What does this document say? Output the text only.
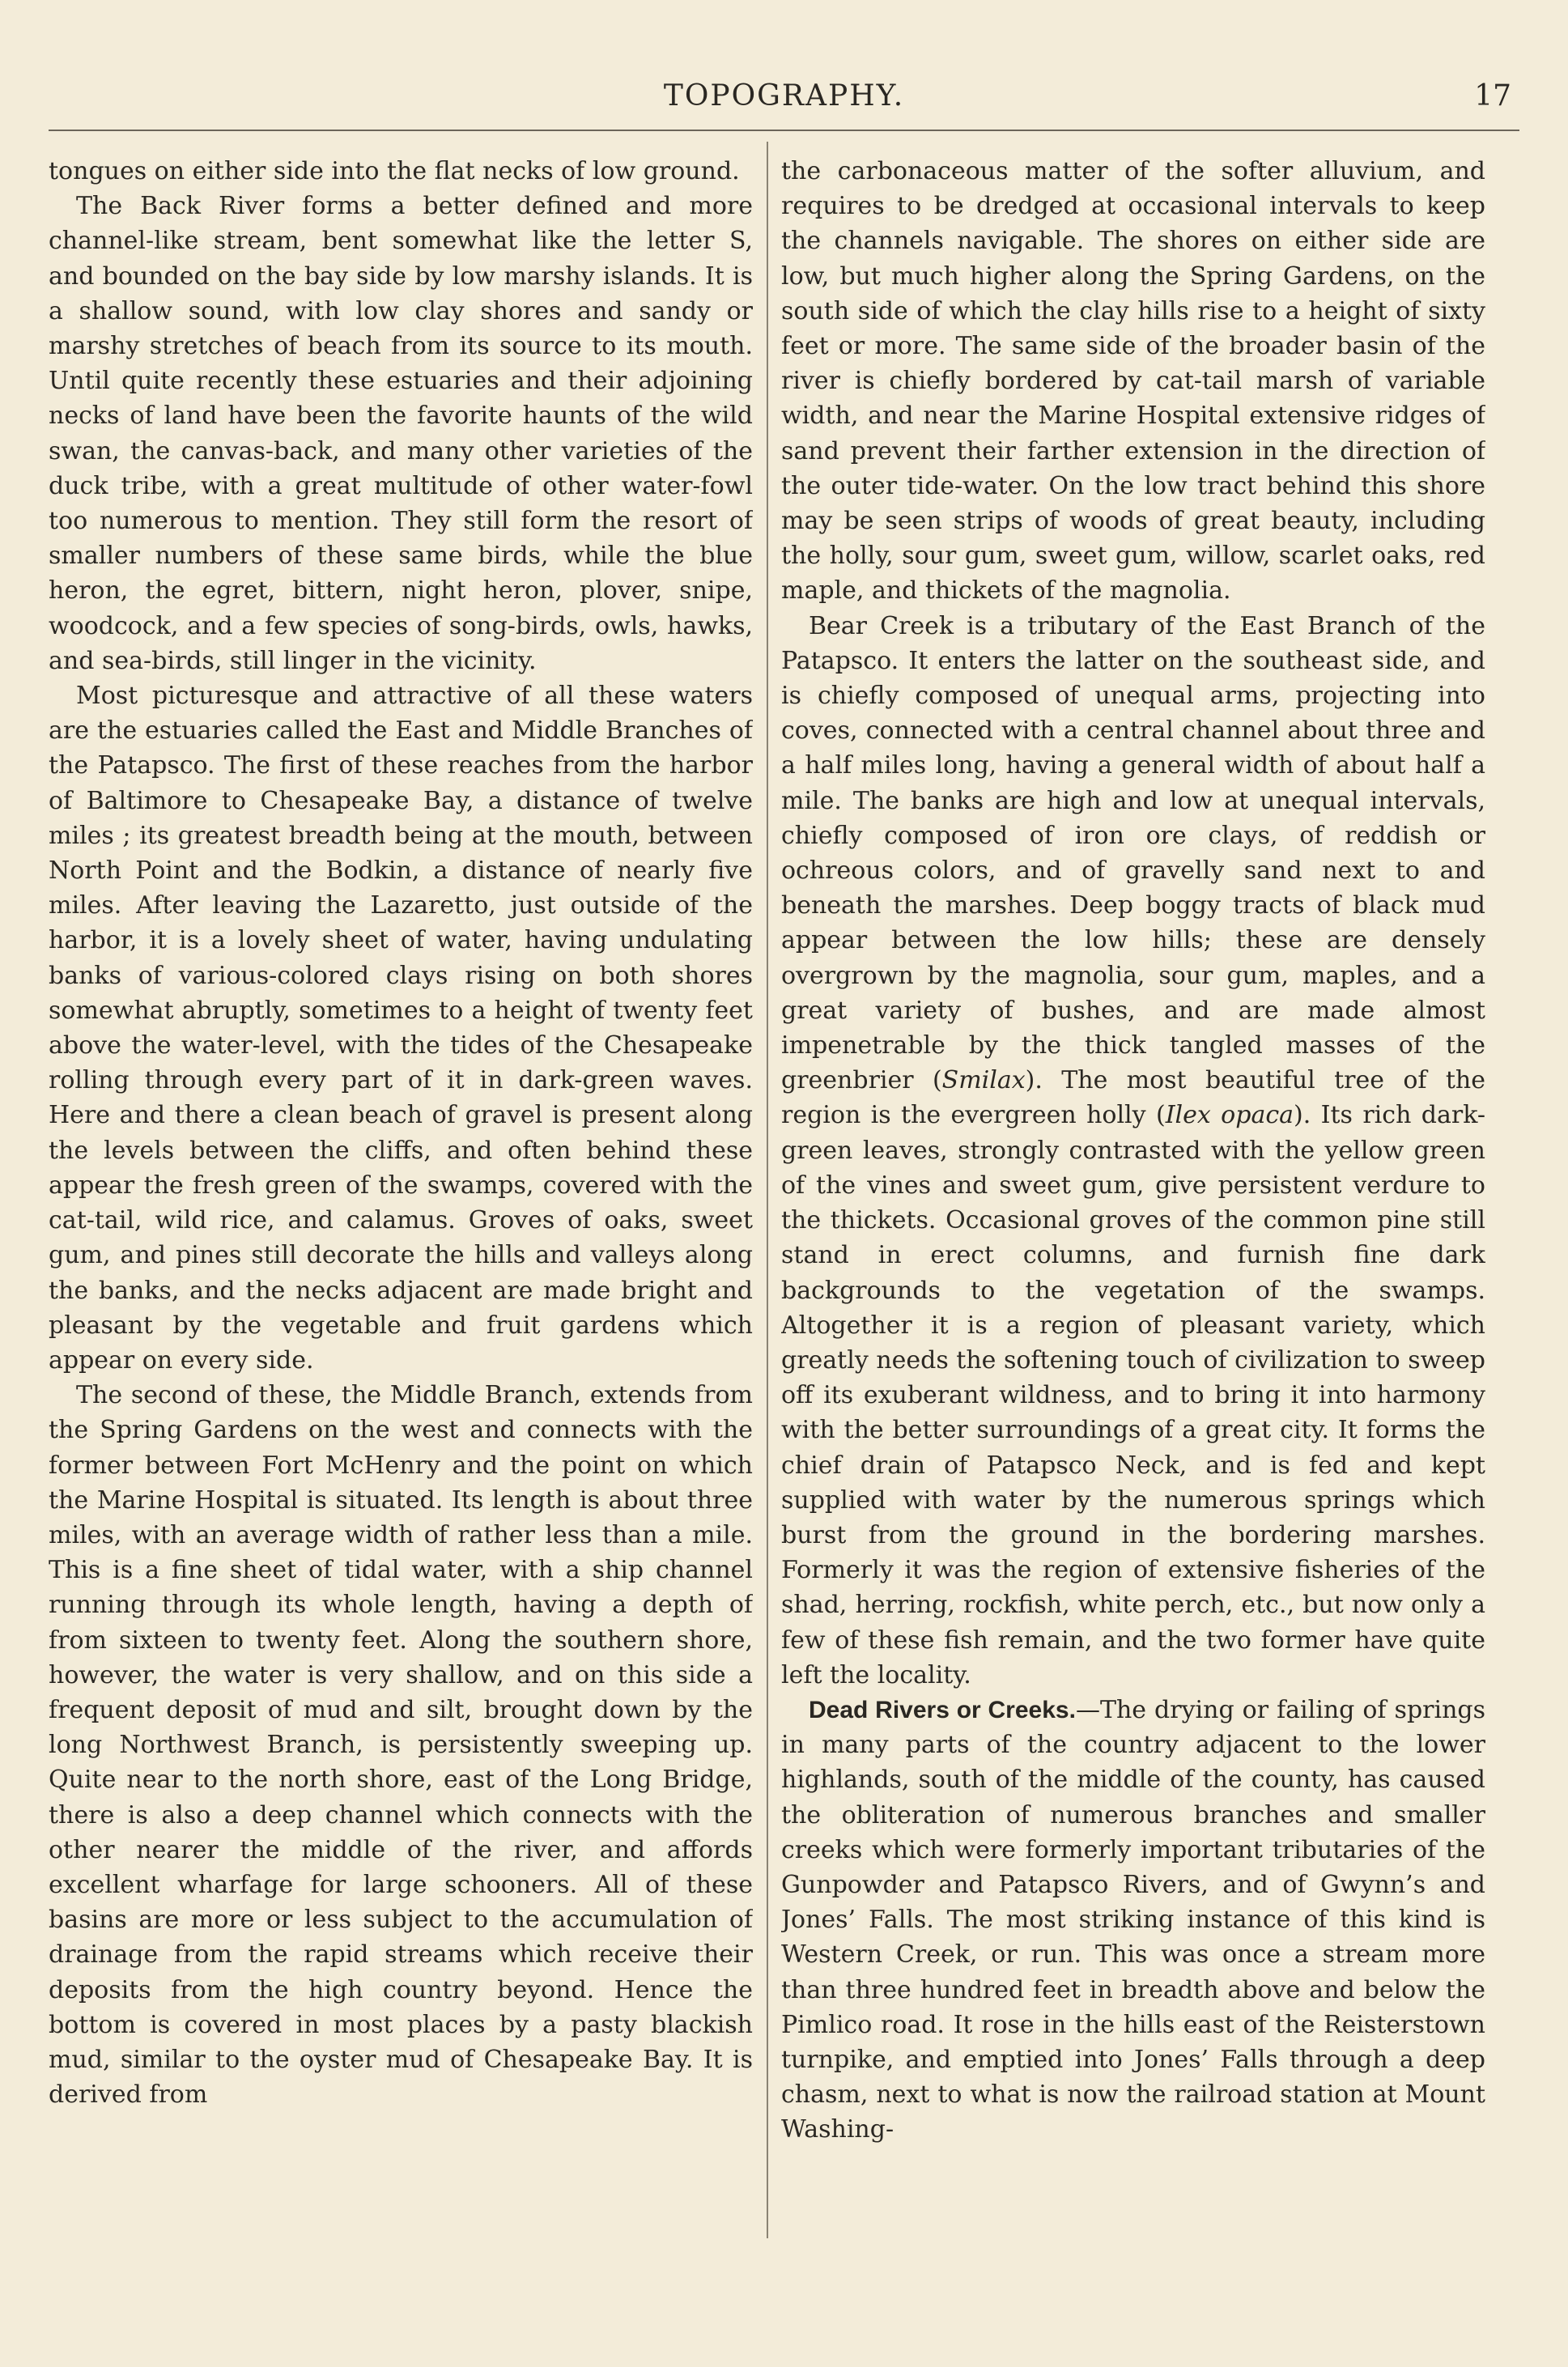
TOPOGRAPHY.	17

tongues on either side into the flat necks of low ground.

The Back River forms a better defined and more channel-like stream, bent somewhat like the letter S, and bounded on the bay side by low marshy islands. It is a shallow sound, with low clay shores and sandy or marshy stretches of beach from its source to its mouth. Until quite recently these estuaries and their adjoining necks of land have been the favorite haunts of the wild swan, the canvas-back, and many other varieties of the duck tribe, with a great multitude of other water-fowl too numerous to mention. They still form the resort of smaller numbers of these same birds, while the blue heron, the egret, bittern, night heron, plover, snipe, woodcock, and a few species of song-birds, owls, hawks, and sea-birds, still linger in the vicinity.

Most picturesque and attractive of all these waters are the estuaries called the East and Middle Branches of the Patapsco. The first of these reaches from the harbor of Baltimore to Chesapeake Bay, a distance of twelve miles ; its greatest breadth being at the mouth, between North Point and the Bodkin, a distance of nearly five miles. After leaving the Lazaretto, just outside of the harbor, it is a lovely sheet of water, having undulating banks of various-colored clays rising on both shores somewhat abruptly, sometimes to a height of twenty feet above the water-level, with the tides of the Chesapeake rolling through every part of it in dark-green waves. Here and there a clean beach of gravel is present along the levels between the cliffs, and often behind these appear the fresh green of the swamps, covered with the cat-tail, wild rice, and calamus. Groves of oaks, sweet gum, and pines still decorate the hills and valleys along the banks, and the necks adjacent are made bright and pleasant by the vegetable and fruit gardens which appear on every side.

The second of these, the Middle Branch, extends from the Spring Gardens on the west and connects with the former between Fort McHenry and the point on which the Marine Hospital is situated. Its length is about three miles, with an average width of rather less than a mile. This is a fine sheet of tidal water, with a ship channel running through its whole length, having a depth of from sixteen to twenty feet. Along the southern shore, however, the water is very shallow, and on this side a frequent deposit of mud and silt, brought down by the long Northwest Branch, is persistently sweeping up. Quite near to the north shore, east of the Long Bridge, there is also a deep channel which connects with the other nearer the middle of the river, and affords excellent wharfage for large schooners. All of these basins are more or less subject to the accumulation of drainage from the rapid streams which receive their deposits from the high country beyond. Hence the bottom is covered in most places by a pasty blackish mud, similar to the oyster mud of Chesapeake Bay. It is derived from

the carbonaceous matter of the softer alluvium, and requires to be dredged at occasional intervals to keep the channels navigable. The shores on either side are low, but much higher along the Spring Gardens, on the south side of which the clay hills rise to a height of sixty feet or more. The same side of the broader basin of the river is chiefly bordered by cat-tail marsh of variable width, and near the Marine Hospital extensive ridges of sand prevent their farther extension in the direction of the outer tide-water. On the low tract behind this shore may be seen strips of woods of great beauty, including the holly, sour gum, sweet gum, willow, scarlet oaks, red maple, and thickets of the magnolia.

Bear Creek is a tributary of the East Branch of the Patapsco. It enters the latter on the southeast side, and is chiefly composed of unequal arms, projecting into coves, connected with a central channel about three and a half miles long, having a general width of about half a mile. The banks are high and low at unequal intervals, chiefly composed of iron ore clays, of reddish or ochreous colors, and of gravelly sand next to and beneath the marshes. Deep boggy tracts of black mud appear between the low hills; these are densely overgrown by the magnolia, sour gum, maples, and a great variety of bushes, and are made almost impenetrable by the thick tangled masses of the greenbrier (Smilax). The most beautiful tree of the region is the evergreen holly (Ilex opaca). Its rich dark-green leaves, strongly contrasted with the yellow green of the vines and sweet gum, give persistent verdure to the thickets. Occasional groves of the common pine still stand in erect columns, and furnish fine dark backgrounds to the vegetation of the swamps. Altogether it is a region of pleasant variety, which greatly needs the softening touch of civilization to sweep off its exuberant wildness, and to bring it into harmony with the better surroundings of a great city. It forms the chief drain of Patapsco Neck, and is fed and kept supplied with water by the numerous springs which burst from the ground in the bordering marshes. Formerly it was the region of extensive fisheries of the shad, herring, rockfish, white perch, etc., but now only a few of these fish remain, and the two former have quite left the locality.

Dead Rivers or Creeks.—The drying or failing of springs in many parts of the country adjacent to the lower highlands, south of the middle of the county, has caused the obliteration of numerous branches and smaller creeks which were formerly important tributaries of the Gunpowder and Patapsco Rivers, and of Gwynn’s and Jones’ Falls. The most striking instance of this kind is Western Creek, or run. This was once a stream more than three hundred feet in breadth above and below the Pimlico road. It rose in the hills east of the Reisterstown turnpike, and emptied into Jones’ Falls through a deep chasm, next to what is now the railroad station at Mount Washing-
